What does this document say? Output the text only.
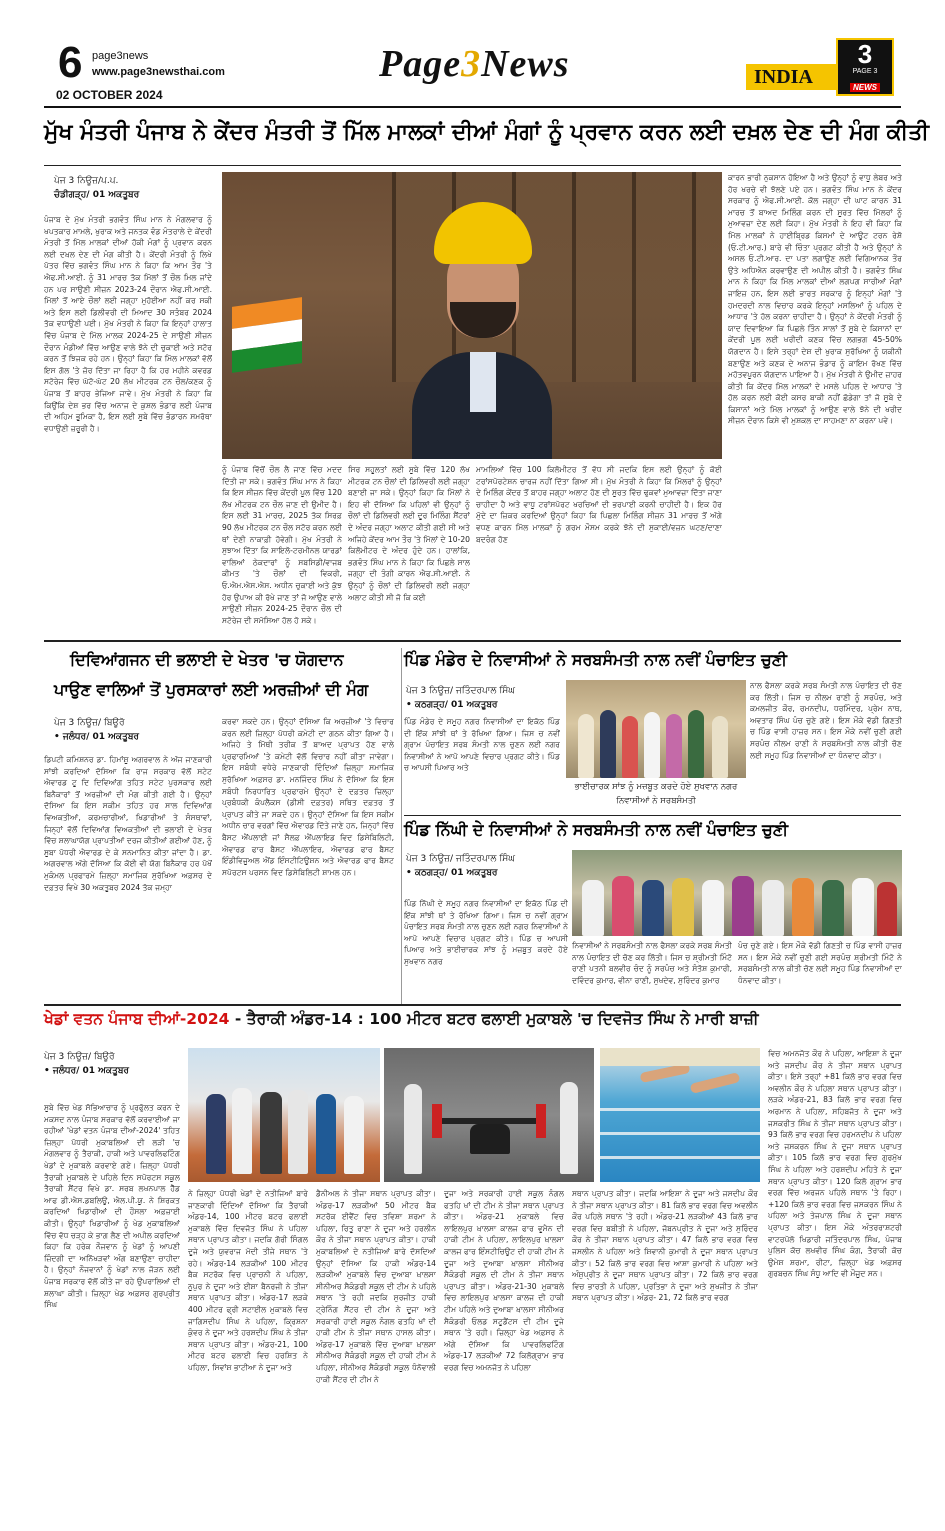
6 page3news
www.page3newsthai.com
02 OCTOBER 2024
Page3News	INDIA
3
PAGE 3
NEWS
ਮੁੱਖ ਮੰਤਰੀ ਪੰਜਾਬ ਨੇ ਕੇਂਦਰ ਮੰਤਰੀ ਤੋਂ ਮਿੱਲ ਮਾਲਕਾਂ ਦੀਆਂ ਮੰਗਾਂ ਨੂੰ ਪ੍ਰਵਾਨ ਕਰਨ ਲਈ ਦਖ਼ਲ ਦੇਣ ਦੀ ਮੰਗ ਕੀਤੀ
ਪੇਜ 3 ਨਿਊਜ਼/ਪ.ਪ.
ਚੰਡੀਗੜ੍ਹ/ 01 ਅਕਤੂਬਰ
ਪੰਜਾਬ ਦੇ ਮੁੱਖ ਮੰਤਰੀ ਭਗਵੰਤ ਸਿੰਘ ਮਾਨ ਨੇ ਮੰਗਲਵਾਰ ਨੂੰ ਖਪਤਕਾਰ ਮਾਮਲੇ, ਖੁਰਾਕ ਅਤੇ ਜਨਤਕ ਵੰਡ ਮੰਤਰਾਲੇ ਦੇ ਕੇਂਦਰੀ ਮੰਤਰੀ ਤੋਂ ਮਿੱਲ ਮਾਲਕਾਂ ਦੀਆਂ ਹੱਕੀ ਮੰਗਾਂ ਨੂੰ ਪ੍ਰਵਾਨ ਕਰਨ ਲਈ ਦਖ਼ਲ ਦੇਣ ਦੀ ਮੰਗ ਕੀਤੀ ਹੈ। ਕੇਂਦਰੀ ਮੰਤਰੀ ਨੂੰ ਲਿਖੇ ਪੱਤਰ ਵਿੱਚ ਭਗਵੰਤ ਸਿੰਘ ਮਾਨ ਨੇ ਕਿਹਾ ਕਿ ਆਮ ਤੌਰ 'ਤੇ ਐਫ.ਸੀ.ਆਈ. ਨੂੰ 31 ਮਾਰਚ ਤੱਕ ਮਿੱਲਾਂ ਤੋਂ ਚੌਲ ਮਿਲ ਜਾਂਦੇ ਹਨ ਪਰ ਸਾਉਣੀ ਸੀਜ਼ਨ 2023-24 ਦੌਰਾਨ ਐਫ.ਸੀ.ਆਈ. ਮਿੱਲਾਂ ਤੋਂ ਆਏ ਚੌਲਾਂ ਲਈ ਜਗ੍ਹਾ ਮੁਹੱਈਆ ਨਹੀਂ ਕਰ ਸਕੀ ਅਤੇ ਇਸ ਲਈ ਡਿਲੀਵਰੀ ਦੀ ਮਿਆਦ 30 ਸਤੰਬਰ 2024 ਤੱਕ ਵਧਾਉਣੀ ਪਈ। ਮੁੱਖ ਮੰਤਰੀ ਨੇ ਕਿਹਾ ਕਿ ਇਨ੍ਹਾਂ ਹਾਲਾਤ ਵਿੱਚ ਪੰਜਾਬ ਦੇ ਮਿੱਲ ਮਾਲਕ 2024-25 ਦੇ ਸਾਉਣੀ ਸੀਜ਼ਨ ਦੌਰਾਨ ਮੰਡੀਆਂ ਵਿੱਚ ਆਉਣ ਵਾਲੇ ਝੋਨੇ ਦੀ ਚੁਕਾਈ ਅਤੇ ਸਟੋਰ ਕਰਨ ਤੋਂ ਝਿਜਕ ਰਹੇ ਹਨ। ਉਨ੍ਹਾਂ ਕਿਹਾ ਕਿ ਮਿੱਲ ਮਾਲਕਾਂ ਵੱਲੋਂ ਇਸ ਗੱਲ 'ਤੇ ਜ਼ੋਰ ਦਿੱਤਾ ਜਾ ਰਿਹਾ ਹੈ ਕਿ ਹਰ ਮਹੀਨੇ ਕਵਰਡ ਸਟੋਰੇਜ ਵਿੱਚ ਘੱਟੋ-ਘੱਟ 20 ਲੱਖ ਮੀਟਰਕ ਟਨ ਚੌਲ/ਕਣਕ ਨੂੰ ਪੰਜਾਬ ਤੋਂ ਬਾਹਰ ਭੇਜਿਆ ਜਾਵੇ। ਮੁੱਖ ਮੰਤਰੀ ਨੇ ਕਿਹਾ ਕਿ ਕਿਉਂਕਿ ਦੇਸ਼ ਭਰ ਵਿੱਚ ਅਨਾਜ ਦੇ ਕੁਸ਼ਲ ਭੰਡਾਰ ਲਈ ਪੰਜਾਬ ਦੀ ਅਹਿਮ ਭੂਮਿਕਾ ਹੈ, ਇਸ ਲਈ ਸੂਬੇ ਵਿੱਚ ਭੰਡਾਰਨ ਸਮਰੱਥਾ ਵਧਾਉਣੀ ਜ਼ਰੂਰੀ ਹੈ।
ਨੂੰ ਪੰਜਾਬ ਵਿੱਚੋਂ ਚੌਲ ਲੈ ਜਾਣ ਵਿੱਚ ਮਦਦ ਦਿੱਤੀ ਜਾ ਸਕੇ। ਭਗਵੰਤ ਸਿੰਘ ਮਾਨ ਨੇ ਕਿਹਾ ਕਿ ਇਸ ਸੀਜ਼ਨ ਵਿੱਚ ਕੇਂਦਰੀ ਪੂਲ ਵਿੱਚ 120 ਲੱਖ ਮੀਟਰਕ ਟਨ ਚੌਲ ਜਾਣ ਦੀ ਉਮੀਦ ਹੈ। ਇਸ ਲਈ 31 ਮਾਰਚ, 2025 ਤੱਕ ਸਿਰਫ਼ 90 ਲੱਖ ਮੀਟਰਕ ਟਨ ਚੌਲ ਸਟੋਰ ਕਰਨ ਲਈ ਥਾਂ ਦੇਣੀ ਨਾਕਾਫ਼ੀ ਹੋਵੇਗੀ। ਮੁੱਖ ਮੰਤਰੀ ਨੇ ਸੁਝਾਅ ਦਿੱਤਾ ਕਿ ਸਾਇਲੋ-ਟਰਮੀਨਲ ਯਾਰਡਾਂ ਵਾਲਿਆਂ ਠੇਕਦਾਰਾਂ ਨੂੰ ਸਬਸਿਡੀ/ਵਾਜਬ ਕੀਮਤ 'ਤੇ ਚੌਲਾਂ ਦੀ ਵਿਕਰੀ, ਓ.ਐਮ.ਐਸ.ਐਸ. ਅਧੀਨ ਚੁਕਾਈ ਅਤੇ ਕੁੱਝ ਹੋਰ ਉਪਾਅ ਕੀ ਰੱਖੇ ਜਾਣ ਤਾਂ ਜੋ ਆਉਣ ਵਾਲੇ ਸਾਉਣੀ ਸੀਜ਼ਨ 2024-25 ਦੌਰਾਨ ਚੌਲ ਦੀ ਸਟੋਰੇਜ ਦੀ ਸਮੱਸਿਆ ਹੱਲ ਹੋ ਸਕੇ।
ਸਿਰ ਸਹੂਲਤਾਂ ਲਈ ਸੂਬੇ ਵਿੱਚ 120 ਲੱਖ ਮੀਟਰਕ ਟਨ ਚੌਲਾਂ ਦੀ ਡਿਲਿਵਰੀ ਲਈ ਜਗ੍ਹਾ ਬਣਾਈ ਜਾ ਸਕੇ। ਉਨ੍ਹਾਂ ਕਿਹਾ ਕਿ ਮਿੱਲਾਂ ਨੇ ਇਹ ਵੀ ਦੱਸਿਆ ਕਿ ਪਹਿਲਾਂ ਵੀ ਉਨ੍ਹਾਂ ਨੂੰ ਚੌਲਾਂ ਦੀ ਡਿਲਿਵਰੀ ਲਈ ਦੂਰ ਮਿਲਿੰਗ ਸੈਂਟਰਾਂ ਦੇ ਅੰਦਰ ਜਗ੍ਹਾ ਅਲਾਟ ਕੀਤੀ ਗਈ ਸੀ ਅਤੇ ਅਜਿਹੇ ਕੇਂਦਰ ਆਮ ਤੌਰ 'ਤੇ ਮਿੱਲਾਂ ਦੇ 10-20 ਕਿਲੋਮੀਟਰ ਦੇ ਅੰਦਰ ਹੁੰਦੇ ਹਨ। ਹਾਲਾਂਕਿ, ਭਗਵੰਤ ਸਿੰਘ ਮਾਨ ਨੇ ਕਿਹਾ ਕਿ ਪਿਛਲੇ ਸਾਲ ਜਗ੍ਹਾ ਦੀ ਤੰਗੀ ਕਾਰਨ ਐਫ.ਸੀ.ਆਈ. ਨੇ ਉਨ੍ਹਾਂ ਨੂੰ ਚੌਲਾਂ ਦੀ ਡਿਲਿਵਰੀ ਲਈ ਜਗ੍ਹਾ ਅਲਾਟ ਕੀਤੀ ਸੀ ਜੋ ਕਿ ਕਈ
ਮਾਮਲਿਆਂ ਵਿੱਚ 100 ਕਿਲੋਮੀਟਰ ਤੋਂ ਵੱਧ ਸੀ ਜਦਕਿ ਇਸ ਲਈ ਉਨ੍ਹਾਂ ਨੂੰ ਕੋਈ ਟਰਾਂਸਪੋਰਟੇਸ਼ਨ ਚਾਰਜ ਨਹੀਂ ਦਿੱਤਾ ਗਿਆ ਸੀ। ਮੁੱਖ ਮੰਤਰੀ ਨੇ ਕਿਹਾ ਕਿ ਮਿੱਲਰਾਂ ਨੂੰ ਉਨ੍ਹਾਂ ਦੇ ਮਿਲਿੰਗ ਕੇਂਦਰ ਤੋਂ ਬਾਹਰ ਜਗ੍ਹਾ ਅਲਾਟ ਹੋਣ ਦੀ ਸੂਰਤ ਵਿੱਚ ਢੁਕਵਾਂ ਮੁਆਵਜ਼ਾ ਦਿੱਤਾ ਜਾਣਾ ਚਾਹੀਦਾ ਹੈ ਅਤੇ ਵਾਧੂ ਟਰਾਂਸਪੋਰਟ ਖਰਚਿਆਂ ਦੀ ਭਰਪਾਈ ਕਰਨੀ ਚਾਹੀਦੀ ਹੈ। ਇਕ ਹੋਰ ਮੁੱਦੇ ਦਾ ਜ਼ਿਕਰ ਕਰਦਿਆਂ ਉਨ੍ਹਾਂ ਕਿਹਾ ਕਿ ਪਿਛਲਾ ਮਿਲਿੰਗ ਸੀਜ਼ਨ 31 ਮਾਰਚ ਤੋਂ ਅੱਗੇ ਵਧਣ ਕਾਰਨ ਮਿੱਲ ਮਾਲਕਾਂ ਨੂੰ ਗਰਮ ਮੌਸਮ ਕਰਕੇ ਝੋਨੇ ਦੀ ਸੁਕਾਈ/ਵਜ਼ਨ ਘਟਣ/ਦਾਣਾ ਬਦਰੰਗ ਹੋਣ
ਕਾਰਨ ਭਾਰੀ ਨੁਕਸਾਨ ਹੋਇਆ ਹੈ ਅਤੇ ਉਨ੍ਹਾਂ ਨੂੰ ਵਾਧੂ ਲੇਬਰ ਅਤੇ ਹੋਰ ਖਰਚੇ ਵੀ ਝੱਲਣੇ ਪਏ ਹਨ। ਭਗਵੰਤ ਸਿੰਘ ਮਾਨ ਨੇ ਕੇਂਦਰ ਸਰਕਾਰ ਨੂੰ ਐਫ.ਸੀ.ਆਈ. ਕੋਲ ਜਗ੍ਹਾ ਦੀ ਘਾਟ ਕਾਰਨ 31 ਮਾਰਚ ਤੋਂ ਬਾਅਦ ਮਿਲਿੰਗ ਕਰਨ ਦੀ ਸੂਰਤ ਵਿੱਚ ਮਿੱਲਰਾਂ ਨੂੰ ਮੁਆਵਜ਼ਾ ਦੇਣ ਲਈ ਕਿਹਾ। ਮੁੱਖ ਮੰਤਰੀ ਨੇ ਇਹ ਵੀ ਕਿਹਾ ਕਿ ਮਿੱਲ ਮਾਲਕਾਂ ਨੇ ਹਾਈਬ੍ਰਿਡ ਕਿਸਮਾਂ ਦੇ ਆਊਟ ਟਰਨ ਰੇਸ਼ੋ (ਓ.ਟੀ.ਆਰ.) ਬਾਰੇ ਵੀ ਚਿੰਤਾ ਪ੍ਰਗਟ ਕੀਤੀ ਹੈ ਅਤੇ ਉਨ੍ਹਾਂ ਨੇ ਅਸਲ ਓ.ਟੀ.ਆਰ. ਦਾ ਪਤਾ ਲਗਾਉਣ ਲਈ ਵਿਗਿਆਨਕ ਤੌਰ ਉਤੇ ਅਧਿਐਨ ਕਰਵਾਉਣ ਦੀ ਅਪੀਲ ਕੀਤੀ ਹੈ। ਭਗਵੰਤ ਸਿੰਘ ਮਾਨ ਨੇ ਕਿਹਾ ਕਿ ਮਿੱਲ ਮਾਲਕਾਂ ਦੀਆਂ ਲਗਪਗ ਸਾਰੀਆਂ ਮੰਗਾਂ ਜਾਇਜ਼ ਹਨ, ਇਸ ਲਈ ਭਾਰਤ ਸਰਕਾਰ ਨੂੰ ਇਨ੍ਹਾਂ ਮੰਗਾਂ 'ਤੇ ਹਮਦਰਦੀ ਨਾਲ ਵਿਚਾਰ ਕਰਕੇ ਇਨ੍ਹਾਂ ਮਸਲਿਆਂ ਨੂੰ ਪਹਿਲ ਦੇ ਆਧਾਰ 'ਤੇ ਹੱਲ ਕਰਨਾ ਚਾਹੀਦਾ ਹੈ। ਉਨ੍ਹਾਂ ਨੇ ਕੇਂਦਰੀ ਮੰਤਰੀ ਨੂੰ ਯਾਦ ਦਿਵਾਇਆ ਕਿ ਪਿਛਲੇ ਤਿੰਨ ਸਾਲਾਂ ਤੋਂ ਸੂਬੇ ਦੇ ਕਿਸਾਨਾਂ ਦਾ ਕੇਂਦਰੀ ਪੂਲ ਲਈ ਖਰੀਦੀ ਕਣਕ ਵਿੱਚ ਲਗਭਗ 45-50% ਯੋਗਦਾਨ ਹੈ। ਇਸੇ ਤਰ੍ਹਾਂ ਦੇਸ਼ ਦੀ ਖੁਰਾਕ ਸੁਰੱਖਿਆ ਨੂੰ ਯਕੀਨੀ ਬਣਾਉਣ ਅਤੇ ਕਣਕ ਦੇ ਅਨਾਜ ਭੰਡਾਰ ਨੂੰ ਕਾਇਮ ਰੱਖਣ ਵਿੱਚ ਮਹੱਤਵਪੂਰਨ ਯੋਗਦਾਨ ਪਾਇਆ ਹੈ। ਮੁੱਖ ਮੰਤਰੀ ਨੇ ਉਮੀਦ ਜ਼ਾਹਰ ਕੀਤੀ ਕਿ ਕੇਂਦਰ ਮਿੱਲ ਮਾਲਕਾਂ ਦੇ ਮਸਲੇ ਪਹਿਲ ਦੇ ਆਧਾਰ 'ਤੇ ਹੱਲ ਕਰਨ ਲਈ ਕੋਈ ਕਸਰ ਬਾਕੀ ਨਹੀਂ ਛੱਡੇਗਾ ਤਾਂ ਜੋ ਸੂਬੇ ਦੇ ਕਿਸਾਨਾਂ ਅਤੇ ਮਿੱਲ ਮਾਲਕਾਂ ਨੂੰ ਆਉਣ ਵਾਲੇ ਝੋਨੇ ਦੀ ਖਰੀਦ ਸੀਜ਼ਨ ਦੌਰਾਨ ਕਿਸੇ ਵੀ ਮੁਸ਼ਕਲ ਦਾ ਸਾਹਮਣਾ ਨਾ ਕਰਨਾ ਪਵੇ।
ਦਿਵਿਆਂਗਜਨ ਦੀ ਭਲਾਈ ਦੇ ਖੇਤਰ 'ਚ ਯੋਗਦਾਨ
ਪਾਉਣ ਵਾਲਿਆਂ ਤੋਂ ਪੁਰਸਕਾਰਾਂ ਲਈ ਅਰਜ਼ੀਆਂ ਦੀ ਮੰਗ
ਪੇਜ 3 ਨਿਊਜ਼/ ਬਿਊਰੋ
• ਜਲੰਧਰ/ 01 ਅਕਤੂਬਰ
ਡਿਪਟੀ ਕਮਿਸ਼ਨਰ ਡਾ. ਹਿਮਾਂਸ਼ੂ ਅਗਰਵਾਲ ਨੇ ਅੱਜ ਜਾਣਕਾਰੀ ਸਾਂਝੀ ਕਰਦਿਆਂ ਦੱਸਿਆ ਕਿ ਰਾਜ ਸਰਕਾਰ ਵੱਲੋਂ ਸਟੇਟ ਐਵਾਰਡ ਟੂ ਦਿ ਦਿਵਿਆਂਗ ਤਹਿਤ ਸਟੇਟ ਪੁਰਸਕਾਰ ਲਈ ਬਿਨੈਕਾਰਾਂ ਤੋਂ ਅਰਜ਼ੀਆਂ ਦੀ ਮੰਗ ਕੀਤੀ ਗਈ ਹੈ। ਉਨ੍ਹਾਂ ਦੱਸਿਆ ਕਿ ਇਸ ਸਕੀਮ ਤਹਿਤ ਹਰ ਸਾਲ ਦਿਵਿਆਂਗ ਵਿਅਕਤੀਆਂ, ਕਰਮਚਾਰੀਆਂ, ਖਿਡਾਰੀਆਂ ਤੇ ਸੰਸਥਾਵਾਂ, ਜਿਨ੍ਹਾਂ ਵੱਲੋਂ ਦਿਵਿਆਂਗ ਵਿਅਕਤੀਆਂ ਦੀ ਭਲਾਈ ਦੇ ਖੇਤਰ ਵਿੱਚ ਸ਼ਲਾਘਾਯੋਗ ਪ੍ਰਾਪਤੀਆਂ ਦਰਜ ਕੀਤੀਆਂ ਗਈਆਂ ਹੋਣ, ਨੂੰ ਸੂਬਾ ਪੱਧਰੀ ਐਵਾਰਡ ਦੇ ਕੇ ਸਨਮਾਨਿਤ ਕੀਤਾ ਜਾਂਦਾ ਹੈ। ਡਾ. ਅਗਰਵਾਲ ਅੱਗੇ ਦੱਸਿਆ ਕਿ ਕੋਈ ਵੀ ਯੋਗ ਬਿਨੈਕਾਰ ਹਰ ਪੱਖੋਂ ਮੁਕੰਮਲ ਪ੍ਰਫਾਰਮੇ ਜ਼ਿਲ੍ਹਾ ਸਮਾਜਿਕ ਸੁਰੱਖਿਆ ਅਫ਼ਸਰ ਦੇ ਦਫ਼ਤਰ ਵਿਖੇ 30 ਅਕਤੂਬਰ 2024 ਤੱਕ ਜਮ੍ਹਾ
ਕਰਵਾ ਸਕਦੇ ਹਨ। ਉਨ੍ਹਾਂ ਦੱਸਿਆ ਕਿ ਅਰਜ਼ੀਆਂ 'ਤੇ ਵਿਚਾਰ ਕਰਨ ਲਈ ਜ਼ਿਲ੍ਹਾ ਪੱਧਰੀ ਕਮੇਟੀ ਦਾ ਗਠਨ ਕੀਤਾ ਗਿਆ ਹੈ। ਅਜਿਹੇ ਤੇ ਮਿੱਥੀ ਤਰੀਕ ਤੋਂ ਬਾਅਦ ਪ੍ਰਾਪਤ ਹੋਣ ਵਾਲੇ ਪ੍ਰਫਾਰਮਿਆਂ 'ਤੇ ਕਮੇਟੀ ਵੱਲੋਂ ਵਿਚਾਰ ਨਹੀਂ ਕੀਤਾ ਜਾਵੇਗਾ। ਇਸ ਸਬੰਧੀ ਵਧੇਰੇ ਜਾਣਕਾਰੀ ਦਿੰਦਿਆਂ ਜ਼ਿਲ੍ਹਾ ਸਮਾਜਿਕ ਸੁਰੱਖਿਆ ਅਫ਼ਸਰ ਡਾ. ਮਨਜਿੰਦਰ ਸਿੰਘ ਨੇ ਦੱਸਿਆ ਕਿ ਇਸ ਸਬੰਧੀ ਨਿਰਧਾਰਿਤ ਪ੍ਰਫਾਰਮੇ ਉਨ੍ਹਾਂ ਦੇ ਦਫ਼ਤਰ ਜ਼ਿਲ੍ਹਾ ਪ੍ਰਬੰਧਕੀ ਕੰਪਲੈਕਸ (ਡੀਸੀ ਦਫ਼ਤਰ) ਸਥਿਤ ਦਫ਼ਤਰ ਤੋਂ ਪ੍ਰਾਪਤ ਕੀਤੇ ਜਾ ਸਕਦੇ ਹਨ। ਉਨ੍ਹਾਂ ਦੱਸਿਆ ਕਿ ਇਸ ਸਕੀਮ ਅਧੀਨ ਚਾਰ ਵਰਗਾਂ ਵਿੱਚ ਐਵਾਰਡ ਦਿੱਤੇ ਜਾਣੇ ਹਨ, ਜਿਨ੍ਹਾਂ ਵਿੱਚ ਬੈਸਟ ਐਂਪਲਾਈ ਜਾਂ ਸੈਲਫ਼ ਐਂਪਲਾਇਡ ਵਿਦ ਡਿਸੇਬਿਲਿਟੀ, ਐਵਾਰਡ ਫਾਰ ਬੈਸਟ ਐਂਪਲਾਇਰ, ਐਵਾਰਡ ਫਾਰ ਬੈਸਟ ਇੰਡੀਵਿਜੂਅਲ ਐਂਡ ਇੰਸਟੀਟਿਊਸ਼ਨ ਅਤੇ ਐਵਾਰਡ ਫਾਰ ਬੈਸਟ ਸਪੋਰਟਸ ਪਰਸਨ ਵਿਦ ਡਿਸੇਬਿਲਿਟੀ ਸ਼ਾਮਲ ਹਨ।
ਪਿੰਡ ਮੰਡੇਰ ਦੇ ਨਿਵਾਸੀਆਂ ਨੇ ਸਰਬਸੰਮਤੀ ਨਾਲ ਨਵੀਂ ਪੰਚਾਇਤ ਚੁਣੀ
ਪੇਜ 3 ਨਿਊਜ਼/ ਜਤਿੰਦਰਪਾਲ ਸਿੰਘ
• ਕਠਗੜ੍ਹ/ 01 ਅਕਤੂਬਰ
ਪਿੰਡ ਮੰਡੇਰ ਦੇ ਸਮੂਹ ਨਗਰ ਨਿਵਾਸੀਆਂ ਦਾ ਇਕੱਠ ਪਿੰਡ ਦੀ ਇੱਕ ਸਾਂਝੀ ਥਾਂ ਤੇ ਰੱਖਿਆ ਗਿਆ। ਜਿਸ ਚ ਨਵੀਂ ਗ੍ਰਾਮ ਪੰਚਾਇਤ ਸਰਬ ਸੰਮਤੀ ਨਾਲ ਚੁਣਨ ਲਈ ਨਗਰ ਨਿਵਾਸੀਆਂ ਨੇ ਆਪੋ ਆਪਣੇ ਵਿਚਾਰ ਪ੍ਰਗਟ ਕੀਤੇ। ਪਿੰਡ ਚ ਆਪਸੀ ਪਿਆਰ ਅਤੇ
ਭਾਈਚਾਰਕ ਸਾਂਝ ਨੂੰ ਮਜ਼ਬੂਤ ਕਰਦੇ ਹੋਏ ਸੁਖਵਾਨ ਨਗਰ ਨਿਵਾਸੀਆਂ ਨੇ ਸਰਬਸੰਮਤੀ
ਨਾਲ ਫੈਸਲਾ ਕਰਕੇ ਸਰਬ ਸੰਮਤੀ ਨਾਲ ਪੰਚਾਇਤ ਦੀ ਚੋਣ ਕਰ ਲਿੱਤੀ। ਜਿਸ ਚ ਨੀਲਮ ਰਾਣੀ ਨੂੰ ਸਰਪੰਚ, ਅਤੇ ਕਮਲਜੀਤ ਕੌਰ, ਰਮਨਦੀਪ, ਧਰਮਿੰਦਰ, ਪ੍ਰੇਮ ਨਾਥ, ਅਵਤਾਰ ਸਿੰਘ ਪੰਚ ਚੁਣੇ ਗਏ। ਇਸ ਮੌਕੇ ਵੱਡੀ ਗਿਣਤੀ ਚ ਪਿੰਡ ਵਾਸੀ ਹਾਜ਼ਰ ਸਨ। ਇਸ ਮੌਕੇ ਨਵੀਂ ਚੁਣੀ ਗਈ ਸਰਪੰਚ ਨੀਲਮ ਰਾਣੀ ਨੇ ਸਰਬਸੰਮਤੀ ਨਾਲ ਕੀਤੀ ਚੋਣ ਲਈ ਸਮੂਹ ਪਿੰਡ ਨਿਵਾਸੀਆਂ ਦਾ ਧੰਨਵਾਦ ਕੀਤਾ।
ਪਿੰਡ ਨਿੱਘੀ ਦੇ ਨਿਵਾਸੀਆਂ ਨੇ ਸਰਬਸੰਮਤੀ ਨਾਲ ਨਵੀਂ ਪੰਚਾਇਤ ਚੁਣੀ
ਪੇਜ 3 ਨਿਊਜ਼/ ਜਤਿੰਦਰਪਾਲ ਸਿੰਘ
• ਕਠਗੜ੍ਹ/ 01 ਅਕਤੂਬਰ
ਪਿੰਡ ਨਿੱਘੀ ਦੇ ਸਮੂਹ ਨਗਰ ਨਿਵਾਸੀਆਂ ਦਾ ਇਕੱਠ ਪਿੰਡ ਦੀ ਇੱਕ ਸਾਂਝੀ ਥਾਂ ਤੇ ਰੱਖਿਆ ਗਿਆ। ਜਿਸ ਚ ਨਵੀਂ ਗ੍ਰਾਮ ਪੰਚਾਇਤ ਸਰਬ ਸੰਮਤੀ ਨਾਲ ਚੁਣਨ ਲਈ ਨਗਰ ਨਿਵਾਸੀਆਂ ਨੇ ਆਪੋ ਆਪਣੇ ਵਿਚਾਰ ਪ੍ਰਗਟ ਕੀਤੇ। ਪਿੰਡ ਚ ਆਪਸੀ ਪਿਆਰ ਅਤੇ ਭਾਈਚਾਰਕ ਸਾਂਝ ਨੂੰ ਮਜ਼ਬੂਤ ਕਰਦੇ ਹੋਏ ਸੁਖਵਾਨ ਨਗਰ
ਨਿਵਾਸੀਆਂ ਨੇ ਸਰਬਸੰਮਤੀ ਨਾਲ ਫੈਸਲਾ ਕਰਕੇ ਸਰਬ ਸੰਮਤੀ ਨਾਲ ਪੰਚਾਇਤ ਦੀ ਚੋਣ ਕਰ ਲਿੱਤੀ। ਜਿਸ ਚ ਸ਼੍ਰੀਮਤੀ ਮਿੰਟੋ ਰਾਣੀ ਪਤਨੀ ਬਲਵੀਰ ਚੰਦ ਨੂੰ ਸਰਪੰਚ ਅਤੇ ਸੰਤੋਸ਼ ਕੁਮਾਰੀ, ਦਵਿੰਦਰ ਕੁਮਾਰ, ਵੀਨਾ ਰਾਣੀ, ਸੁਖਦੇਵ, ਸੁਰਿੰਦਰ ਕੁਮਾਰ
ਪੰਚ ਚੁਣੇ ਗਏ। ਇਸ ਮੌਕੇ ਵੱਡੀ ਗਿਣਤੀ ਚ ਪਿੰਡ ਵਾਸੀ ਹਾਜ਼ਰ ਸਨ। ਇਸ ਮੌਕੇ ਨਵੀਂ ਚੁਣੀ ਗਈ ਸਰਪੰਚ ਸ਼੍ਰੀਮਤੀ ਮਿੰਟੋ ਨੇ ਸਰਬਸੰਮਤੀ ਨਾਲ ਕੀਤੀ ਚੋਣ ਲਈ ਸਮੂਹ ਪਿੰਡ ਨਿਵਾਸੀਆਂ ਦਾ ਧੰਨਵਾਦ ਕੀਤਾ।
ਖੇਡਾਂ ਵਤਨ ਪੰਜਾਬ ਦੀਆਂ-2024 - ਤੈਰਾਕੀ ਅੰਡਰ-14 : 100 ਮੀਟਰ ਬਟਰ ਫਲਾਈ ਮੁਕਾਬਲੇ 'ਚ ਦਿਵਜੋਤ ਸਿੰਘ ਨੇ ਮਾਰੀ ਬਾਜ਼ੀ
ਪੇਜ 3 ਨਿਊਜ਼/ ਬਿਊਰੋ
• ਜਲੰਧਰ/ 01 ਅਕਤੂਬਰ
ਸੂਬੇ ਵਿੱਚ ਖੇਡ ਸੱਭਿਆਚਾਰ ਨੂੰ ਪ੍ਰਫੁੱਲਤ ਕਰਨ ਦੇ ਮਕਸਦ ਨਾਲ ਪੰਜਾਬ ਸਰਕਾਰ ਵੱਲੋਂ ਕਰਵਾਈਆਂ ਜਾ ਰਹੀਆਂ 'ਖੇਡਾਂ ਵਤਨ ਪੰਜਾਬ ਦੀਆਂ-2024' ਤਹਿਤ ਜ਼ਿਲ੍ਹਾ ਪੱਧਰੀ ਮੁਕਾਬਲਿਆਂ ਦੀ ਲੜੀ 'ਚ ਮੰਗਲਵਾਰ ਨੂੰ ਤੈਰਾਕੀ, ਹਾਕੀ ਅਤੇ ਪਾਵਰਲਿਫਟਿੰਗ ਖੇਡਾਂ ਦੇ ਮੁਕਾਬਲੇ ਕਰਵਾਏ ਗਏ। ਜ਼ਿਲ੍ਹਾ ਪੱਧਰੀ ਤੈਰਾਕੀ ਮੁਕਾਬਲੇ ਦੇ ਪਹਿਲੇ ਦਿਨ ਸਪੋਰਟਸ ਸਕੂਲ ਤੈਰਾਕੀ ਸੈਂਟਰ ਵਿਖੇ ਡਾ. ਸਰਬ ਲਖਨਪਾਲ ਹੈੱਡ ਆਫ ਡੀ.ਐਸ.ਡਬਲਿਊ, ਐਲ.ਪੀ.ਯੂ. ਨੇ ਸ਼ਿਰਕਤ ਕਰਦਿਆਂ ਖਿਡਾਰੀਆਂ ਦੀ ਹੌਸਲਾ ਅਫ਼ਜ਼ਾਈ ਕੀਤੀ। ਉਨ੍ਹਾਂ ਖਿਡਾਰੀਆਂ ਨੂੰ ਖੇਡ ਮੁਕਾਬਲਿਆਂ ਵਿੱਚ ਵੱਧ ਚੜ੍ਹ ਕੇ ਭਾਗ ਲੈਣ ਦੀ ਅਪੀਲ ਕਰਦਿਆਂ ਕਿਹਾ ਕਿ ਹਰੇਕ ਨੌਜਵਾਨ ਨੂੰ ਖੇਡਾਂ ਨੂੰ ਆਪਣੀ ਜ਼ਿੰਦਗੀ ਦਾ ਅਨਿੱਖੜਵਾਂ ਅੰਗ ਬਣਾਉਣਾ ਚਾਹੀਦਾ ਹੈ। ਉਨ੍ਹਾਂ ਨੌਜਵਾਨਾਂ ਨੂੰ ਖੇਡਾਂ ਨਾਲ ਜੋੜਨ ਲਈ ਪੰਜਾਬ ਸਰਕਾਰ ਵੱਲੋਂ ਕੀਤੇ ਜਾ ਰਹੇ ਉਪਰਾਲਿਆਂ ਦੀ ਸ਼ਲਾਘਾ ਕੀਤੀ। ਜ਼ਿਲ੍ਹਾ ਖੇਡ ਅਫ਼ਸਰ ਗੁਰਪ੍ਰੀਤ ਸਿੰਘ
ਨੇ ਜ਼ਿਲ੍ਹਾ ਪੱਧਰੀ ਖੇਡਾਂ ਦੇ ਨਤੀਜਿਆਂ ਬਾਰੇ ਜਾਣਕਾਰੀ ਦਿੰਦਿਆਂ ਦੱਸਿਆ ਕਿ ਤੈਰਾਕੀ ਅੰਡਰ-14, 100 ਮੀਟਰ ਬਟਰ ਫਲਾਈ ਮੁਕਾਬਲੇ ਵਿੱਚ ਦਿਵਜੋਤ ਸਿੰਘ ਨੇ ਪਹਿਲਾ ਸਥਾਨ ਪ੍ਰਾਪਤ ਕੀਤਾ। ਜਦਕਿ ਗੋਰੀ ਸਿੰਗਲ ਦੂਜੇ ਅਤੇ ਯੁਵਰਾਜ ਮੋਦੀ ਤੀਜੇ ਸਥਾਨ 'ਤੇ ਰਹੇ। ਅੰਡਰ-14 ਲੜਕੀਆਂ 100 ਮੀਟਰ ਬੈਕ ਸਟਰੋਕ ਵਿਚ ਪ੍ਰਾਚਨੀ ਨੇ ਪਹਿਲਾ, ਨੂਪੁਰ ਨੇ ਦੂਜਾ ਅਤੇ ਈਸ਼ਾ ਬੈਨਰਜੀ ਨੇ ਤੀਜਾ ਸਥਾਨ ਪ੍ਰਾਪਤ ਕੀਤਾ। ਅੰਡਰ-17 ਲੜਕੇ 400 ਮੀਟਰ ਫ੍ਰੀ ਸਟਾਈਲ ਮੁਕਾਬਲੇ ਵਿਚ ਜਾਗਿਸਦੀਪ ਸਿੰਘ ਨੇ ਪਹਿਲਾ, ਕ੍ਰਿਸ਼ਨਾ ਕੁੰਵਰ ਨੇ ਦੂਜਾ ਅਤੇ ਹਰਸ਼ਦੀਪ ਸਿੰਘ ਨੇ ਤੀਜਾ ਸਥਾਨ ਪ੍ਰਾਪਤ ਕੀਤਾ। ਅੰਡਰ-21, 100 ਮੀਟਰ ਬਟਰ ਫਲਾਈ ਵਿਚ ਹਰਸ਼ਿਤ ਨੇ ਪਹਿਲਾ, ਸਿਵਾਂਸ਼ ਭਾਟੀਆ ਨੇ ਦੂਜਾ ਅਤੇ
ਡੈਨੀਅਲ ਨੇ ਤੀਜਾ ਸਥਾਨ ਪ੍ਰਾਪਤ ਕੀਤਾ। ਅੰਡਰ-17 ਲੜਕੀਆਂ 50 ਮੀਟਰ ਬੈਕ ਸਟਰੋਕ ਈਵੈਂਟ ਵਿਚ ਤਵਿਸ਼ਾ ਸ਼ਰਮਾ ਨੇ ਪਹਿਲਾ, ਰਿਤੂ ਰਾਣਾ ਨੇ ਦੂਜਾ ਅਤੇ ਹਰਲੀਨ ਕੌਰ ਨੇ ਤੀਜਾ ਸਥਾਨ ਪ੍ਰਾਪਤ ਕੀਤਾ। ਹਾਕੀ ਮੁਕਾਬਲਿਆਂ ਦੇ ਨਤੀਜਿਆਂ ਬਾਰੇ ਦੱਸਦਿਆਂ ਉਨ੍ਹਾਂ ਦੱਸਿਆ ਕਿ ਹਾਕੀ ਅੰਡਰ-14 ਲੜਕੀਆਂ ਮੁਕਾਬਲੇ ਵਿਚ ਦੁਆਬਾ ਖ਼ਾਲਸਾ ਸੀਨੀਅਰ ਸੈਕੰਡਰੀ ਸਕੂਲ ਦੀ ਟੀਮ ਨੇ ਪਹਿਲੇ ਸਥਾਨ 'ਤੇ ਰਹੀ ਜਦਕਿ ਸੁਰਜੀਤ ਹਾਕੀ ਟ੍ਰੇਨਿੰਗ ਸੈਂਟਰ ਦੀ ਟੀਮ ਨੇ ਦੂਜਾ ਅਤੇ ਸਰਕਾਰੀ ਹਾਈ ਸਕੂਲ ਨੰਗਲ ਫਤਹਿ ਖਾਂ ਦੀ ਹਾਕੀ ਟੀਮ ਨੇ ਤੀਜਾ ਸਥਾਨ ਹਾਸਲ ਕੀਤਾ। ਅੰਡਰ-17 ਮੁਕਾਬਲੇ ਵਿੱਚ ਦੁਆਬਾ ਖ਼ਾਲਸਾ ਸੀਨੀਅਰ ਸੈਕੰਡਰੀ ਸਕੂਲ ਦੀ ਹਾਕੀ ਟੀਮ ਨੇ ਪਹਿਲਾ, ਸੀਨੀਅਰ ਸੈਕੰਡਰੀ ਸਕੂਲ ਧੰਨੋਵਾਲੀ ਹਾਕੀ ਸੈਂਟਰ ਦੀ ਟੀਮ ਨੇ
ਦੂਜਾ ਅਤੇ ਸਰਕਾਰੀ ਹਾਈ ਸਕੂਲ ਨੰਗਲ ਫਤਹਿ ਖਾਂ ਦੀ ਟੀਮ ਨੇ ਤੀਜਾ ਸਥਾਨ ਪ੍ਰਾਪਤ ਕੀਤਾ। ਅੰਡਰ-21 ਮੁਕਾਬਲੇ ਵਿਚ ਲਾਇਲਪੁਰ ਖ਼ਾਲਸਾ ਕਾਲਜ ਫਾਰ ਵੂਮੈਨ ਦੀ ਹਾਕੀ ਟੀਮ ਨੇ ਪਹਿਲਾ, ਲਾਇਲਪੁਰ ਖ਼ਾਲਸਾ ਕਾਲਜ ਫਾਰ ਇੰਸਟੀਚਿਊਟ ਦੀ ਹਾਕੀ ਟੀਮ ਨੇ ਦੂਜਾ ਅਤੇ ਦੁਆਬਾ ਖ਼ਾਲਸਾ ਸੀਨੀਅਰ ਸੈਕੰਡਰੀ ਸਕੂਲ ਦੀ ਟੀਮ ਨੇ ਤੀਜਾ ਸਥਾਨ ਪ੍ਰਾਪਤ ਕੀਤਾ। ਅੰਡਰ-21-30 ਮੁਕਾਬਲੇ ਵਿਚ ਲਾਇਲਪੁਰ ਖ਼ਾਲਸਾ ਕਾਲਜ ਦੀ ਹਾਕੀ ਟੀਮ ਪਹਿਲੇ ਅਤੇ ਦੁਆਬਾ ਖ਼ਾਲਸਾ ਸੀਨੀਅਰ ਸੈਕੰਡਰੀ ਓਲਡ ਸਟੂਡੈਂਟਸ ਦੀ ਟੀਮ ਦੂਜੇ ਸਥਾਨ 'ਤੇ ਰਹੀ। ਜ਼ਿਲ੍ਹਾ ਖੇਡ ਅਫ਼ਸਰ ਨੇ ਅੱਗੇ ਦੱਸਿਆ ਕਿ ਪਾਵਰਲਿਫਟਿੰਗ ਅੰਡਰ-17 ਲੜਕੀਆਂ 72 ਕਿਲੋਗ੍ਰਾਮ ਭਾਰ ਵਰਗ ਵਿਚ ਅਮਨਜੋਤ ਨੇ ਪਹਿਲਾ
ਸਥਾਨ ਪ੍ਰਾਪਤ ਕੀਤਾ। ਜਦਕਿ ਆਇਸ਼ਾ ਨੇ ਦੂਜਾ ਅਤੇ ਜਸਦੀਪ ਕੌਰ ਨੇ ਤੀਜਾ ਸਥਾਨ ਪ੍ਰਾਪਤ ਕੀਤਾ। 81 ਕਿਲੋ ਭਾਰ ਵਰਗ ਵਿਚ ਅਵਲੀਨ ਕੌਰ ਪਹਿਲੇ ਸਥਾਨ 'ਤੇ ਰਹੀ। ਅੰਡਰ-21 ਲੜਕੀਆਂ 43 ਕਿਲੋ ਭਾਰ ਵਰਗ ਵਿਚ ਬਬੀਤੀ ਨੇ ਪਹਿਲਾ, ਜੋਬਨਪ੍ਰੀਤ ਨੇ ਦੂਜਾ ਅਤੇ ਸੁਰਿੰਦਰ ਕੌਰ ਨੇ ਤੀਜਾ ਸਥਾਨ ਪ੍ਰਾਪਤ ਕੀਤਾ। 47 ਕਿਲੋ ਭਾਰ ਵਰਗ ਵਿਚ ਜਸਲੀਨ ਨੇ ਪਹਿਲਾ ਅਤੇ ਸ਼ਿਵਾਨੀ ਕੁਮਾਰੀ ਨੇ ਦੂਜਾ ਸਥਾਨ ਪ੍ਰਾਪਤ ਕੀਤਾ। 52 ਕਿਲੋ ਭਾਰ ਵਰਗ ਵਿਚ ਆਸ਼ਾ ਕੁਮਾਰੀ ਨੇ ਪਹਿਲਾ ਅਤੇ ਅੰਸ਼ੁਪ੍ਰੀਤ ਨੇ ਦੂਜਾ ਸਥਾਨ ਪ੍ਰਾਪਤ ਕੀਤਾ। 72 ਕਿਲੋ ਭਾਰ ਵਰਗ ਵਿਚ ਭਾਰਤੀ ਨੇ ਪਹਿਲਾ, ਪ੍ਰਤਿਭਾ ਨੇ ਦੂਜਾ ਅਤੇ ਸੁਖਜੀਤ ਨੇ ਤੀਜਾ ਸਥਾਨ ਪ੍ਰਾਪਤ ਕੀਤਾ। ਅੰਡਰ- 21, 72 ਕਿਲੋ ਭਾਰ ਵਰਗ
ਵਿਚ ਅਮਨਜੋਤ ਕੌਰ ਨੇ ਪਹਿਲਾ, ਆਇਸ਼ਾ ਨੇ ਦੂਜਾ ਅਤੇ ਜਸਦੀਪ ਕੌਰ ਨੇ ਤੀਜਾ ਸਥਾਨ ਪ੍ਰਾਪਤ ਕੀਤਾ। ਇਸੇ ਤਰ੍ਹਾਂ +81 ਕਿਲੋ ਭਾਰ ਵਰਗ ਵਿਚ ਅਵਲੀਨ ਕੌਰ ਨੇ ਪਹਿਲਾ ਸਥਾਨ ਪ੍ਰਾਪਤ ਕੀਤਾ। ਲੜਕੇ ਅੰਡਰ-21, 83 ਕਿਲੋ ਭਾਰ ਵਰਗ ਵਿਚ ਅਰਮਾਨ ਨੇ ਪਹਿਲਾ, ਸਹਿਬਜੋਤ ਨੇ ਦੂਜਾ ਅਤੇ ਜਸਕਰੀਤ ਸਿੰਘ ਨੇ ਤੀਜਾ ਸਥਾਨ ਪ੍ਰਾਪਤ ਕੀਤਾ। 93 ਕਿਲੋ ਭਾਰ ਵਰਗ ਵਿਚ ਹਰਮਨਦੀਪ ਨੇ ਪਹਿਲਾ ਅਤੇ ਜਸਕਰਨ ਸਿੰਘ ਨੇ ਦੂਜਾ ਸਥਾਨ ਪ੍ਰਾਪਤ ਕੀਤਾ। 105 ਕਿਲੋ ਭਾਰ ਵਰਗ ਵਿਚ ਗੁਰਮੁੱਖ ਸਿੰਘ ਨੇ ਪਹਿਲਾ ਅਤੇ ਹਰਸ਼ਦੀਪ ਮਹਿਤੇ ਨੇ ਦੂਜਾ ਸਥਾਨ ਪ੍ਰਾਪਤ ਕੀਤਾ। 120 ਕਿਲੋ ਗ੍ਰਾਮ ਭਾਰ ਵਰਗ ਵਿੱਚ ਅਰਜਨ ਪਹਿਲੇ ਸਥਾਨ 'ਤੇ ਰਿਹਾ। +120 ਕਿਲੋ ਭਾਰ ਵਰਗ ਵਿਚ ਜਸਕਰਨ ਸਿੰਘ ਨੇ ਪਹਿਲਾ ਅਤੇ ਤੇਜਪਾਲ ਸਿੰਘ ਨੇ ਦੂਜਾ ਸਥਾਨ ਪ੍ਰਾਪਤ ਕੀਤਾ। ਇਸ ਮੌਕੇ ਅੰਤਰਰਾਸ਼ਟਰੀ ਵਾਟਰਪੋਲੋ ਖਿਡਾਰੀ ਜਤਿੰਦਰਪਾਲ ਸਿੰਘ, ਪੰਜਾਬ ਪੁਲਿਸ ਕੋਚ ਲਖਵੀਰ ਸਿੰਘ ਕੰਗ, ਤੈਰਾਕੀ ਕੋਚ ਉਮੇਸ਼ ਸ਼ਰਮਾ, ਰੀਟਾ, ਜ਼ਿਲ੍ਹਾ ਖੇਡ ਅਫ਼ਸਰ ਗੁਰਬਚਨ ਸਿੰਘ ਸੰਧੂ ਆਦਿ ਵੀ ਮੌਜੂਦ ਸਨ।
